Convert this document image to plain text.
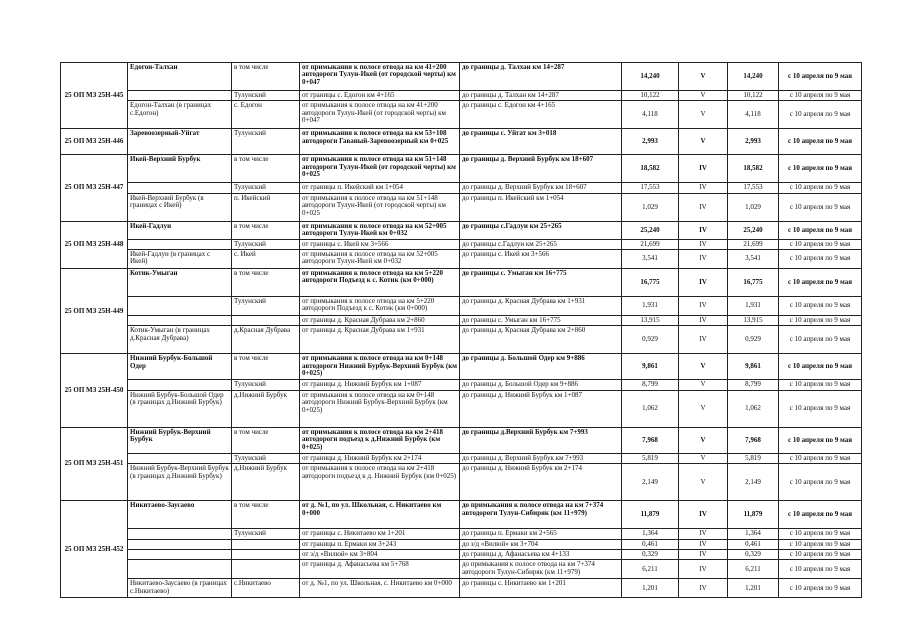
25 ОП МЗ 25Н-445	Едогон-Талхан	в том числе	от примыкания к полосе отвода на км 41+200 автодороги Тулун-Икей (от городской черты) км 0+047	до границы д. Талхан км 14+287	14,240	V	14,240	с 10 апреля по 9 мая
		Тулунский	от границы с. Едогон км 4+165	до границы д. Талхан км 14+287	10,122	V	10,122	с 10 апреля по 9 мая
	Едогон-Талхан (в границах с.Едогон)	с. Едогон	от примыкания к полосе отвода на км 41+200 автодороги Тулун-Икей (от городской черты) км 0+047	до границы с. Едогон км 4+165	4,118	V	4,118	с 10 апреля по 9 мая
25 ОП МЗ 25Н-446	Заревоозерный-Уйгат	Тулунский	от примыкания к полосе отвода на км 53+108 автодороги Гаваный-Заревоозерный км 0+025	до границы с. Уйгат км 3+018	2,993	V	2,993	с 10 апреля по 9 мая
25 ОП МЗ 25Н-447	Икей-Верхний Бурбук	в том числе	от примыкания к полосе отвода на км 51+148 автодороги Тулун-Икей (от городской черты) км 0+025	до границы д. Верхний Бурбук км 18+607	18,582	IV	18,582	с 10 апреля по 9 мая
		Тулунский	от границы п. Икейский км 1+054	до границы д. Верхний Бурбук км 18+607	17,553	IV	17,553	с 10 апреля по 9 мая
	Икей-Верхний Бурбук (в границах с Икей)	п. Икейский	от примыкания к полосе отвода на км 51+148 автодороги Тулун-Икей (от городской черты) км 0+025	до границы п. Икейский км 1+054	1,029	IV	1,029	с 10 апреля по 9 мая
25 ОП МЗ 25Н-448	Икей-Гадлуи	в том числе	от примыкания к полосе отвода на км 52+005 автодороги Тулун-Икей км 0+032	до границы с.Гадлуи км 25+265	25,240	IV	25,240	с 10 апреля по 9 мая
		Тулунский	от границы с. Икей км 3+566	до границы с.Гадлуи км 25+265	21,699	IV	21,699	с 10 апреля по 9 мая
	Икей-Гадлуи (в границах с Икей)	с. Икей	от примыкания к полосе отвода на км 52+005 автодороги Тулун-Икей км 0+032	до границы с. Икей км 3+566	3,541	IV	3,541	с 10 апреля по 9 мая
25 ОП МЗ 25Н-449	Котик-Умыган	в том числе	от примыкания к полосе отвода на км 5+220 автодороги Подъезд к с. Котик (км 0+000)	до границы с. Умыган км 16+775	16,775	IV	16,775	с 10 апреля по 9 мая
		Тулунский	от примыкания к полосе отвода на км 5+220 автодороги Подъезд к с. Котик (км 0+000)	до границы д. Красная Дубрава км 1+931	1,931	IV	1,931	с 10 апреля по 9 мая
			от границы д. Красная Дубрава км 2+860	до границы с. Умыган км 16+775	13,915	IV	13,915	с 10 апреля по 9 мая
	Котик-Умыган (в границах д.Красная Дубрава)	д.Красная Дубрава	от границы д. Красная Дубрава км 1+931	до границы д. Красная Дубрава км 2+860	0,929	IV	0,929	с 10 апреля по 9 мая
25 ОП МЗ 25Н-450	Нижний Бурбук-Большой Одер	в том числе	от примыкания к полосе отвода на км 0+148 автодороги Нижний Бурбук-Верхний Бурбук (км 0+025)	до границы д. Большой Одер км 9+886	9,861	V	9,861	с 10 апреля по 9 мая
		Тулунский	от границы д. Нижний Бурбук км 1+087	до границы д. Большой Одер км 9+886	8,799	V	8,799	с 10 апреля по 9 мая
	Нижний Бурбук-Большой Одер (в границах д.Нижний Бурбук)	д.Нижний Бурбук	от примыкания к полосе отвода на км 0+148 автодороги Нижний Бурбук-Верхний Бурбук (км 0+025)	до границы д. Нижний Бурбук км 1+087	1,062	V	1,062	с 10 апреля по 9 мая
25 ОП МЗ 25Н-451	Нижний Бурбук-Верхний Бурбук	в том числе	от примыкания к полосе отвода на км 2+418 автодороги подъезд к д.Нижний Бурбук (км 0+025)	до границы д.Верхний Бурбук км 7+993	7,968	V	7,968	с 10 апреля по 9 мая
		Тулунский	от границы д. Нижний Бурбук км 2+174	до границы д. Верхний Бурбук км 7+993	5,819	V	5,819	с 10 апреля по 9 мая
	Нижний Бурбук-Верхний Бурбук (в границах д.Нижний Бурбук)	д.Нижний Бурбук	от примыкания к полосе отвода на км 2+418 автодороги подъезд к д. Нижний Бурбук (км 0+025)	до границы д. Нижний Бурбук км 2+174	2,149	V	2,149	с 10 апреля по 9 мая
25 ОП МЗ 25Н-452	Никитаево-Заусаево	в том числе	от д. №1, по ул. Школьная, с. Никитаево км 0+000	до примыкания к полосе отвода на км 7+374 автодороги Тулун-Сибиряк (км 11+979)	11,879	IV	11,879	с 10 апреля по 9 мая
		Тулунский	от границы с. Никитаево км 1+201	до границы п. Ермаки км 2+565	1,364	IV	1,364	с 10 апреля по 9 мая
			от границы п. Ермаки км 3+243	до з/д «Вилюй» км 3+704	0,461	IV	0,461	с 10 апреля по 9 мая
			от з/д «Вилюй» км 3+804	до границы д. Афанасьева км 4+133	0,329	IV	0,329	с 10 апреля по 9 мая
			от границы д. Афанасьева км 5+768	до примыкания к полосе отвода на км 7+374 автодороги Тулун-Сибиряк (км 11+979)	6,211	IV	6,211	с 10 апреля по 9 мая
	Никитаево-Заусаево (в границах с.Никитаево)	с.Никитаево	от д. №1, по ул. Школьная, с. Никитаево км 0+000	до границы с. Никитаево км 1+201	1,201	IV	1,201	с 10 апреля по 9 мая
